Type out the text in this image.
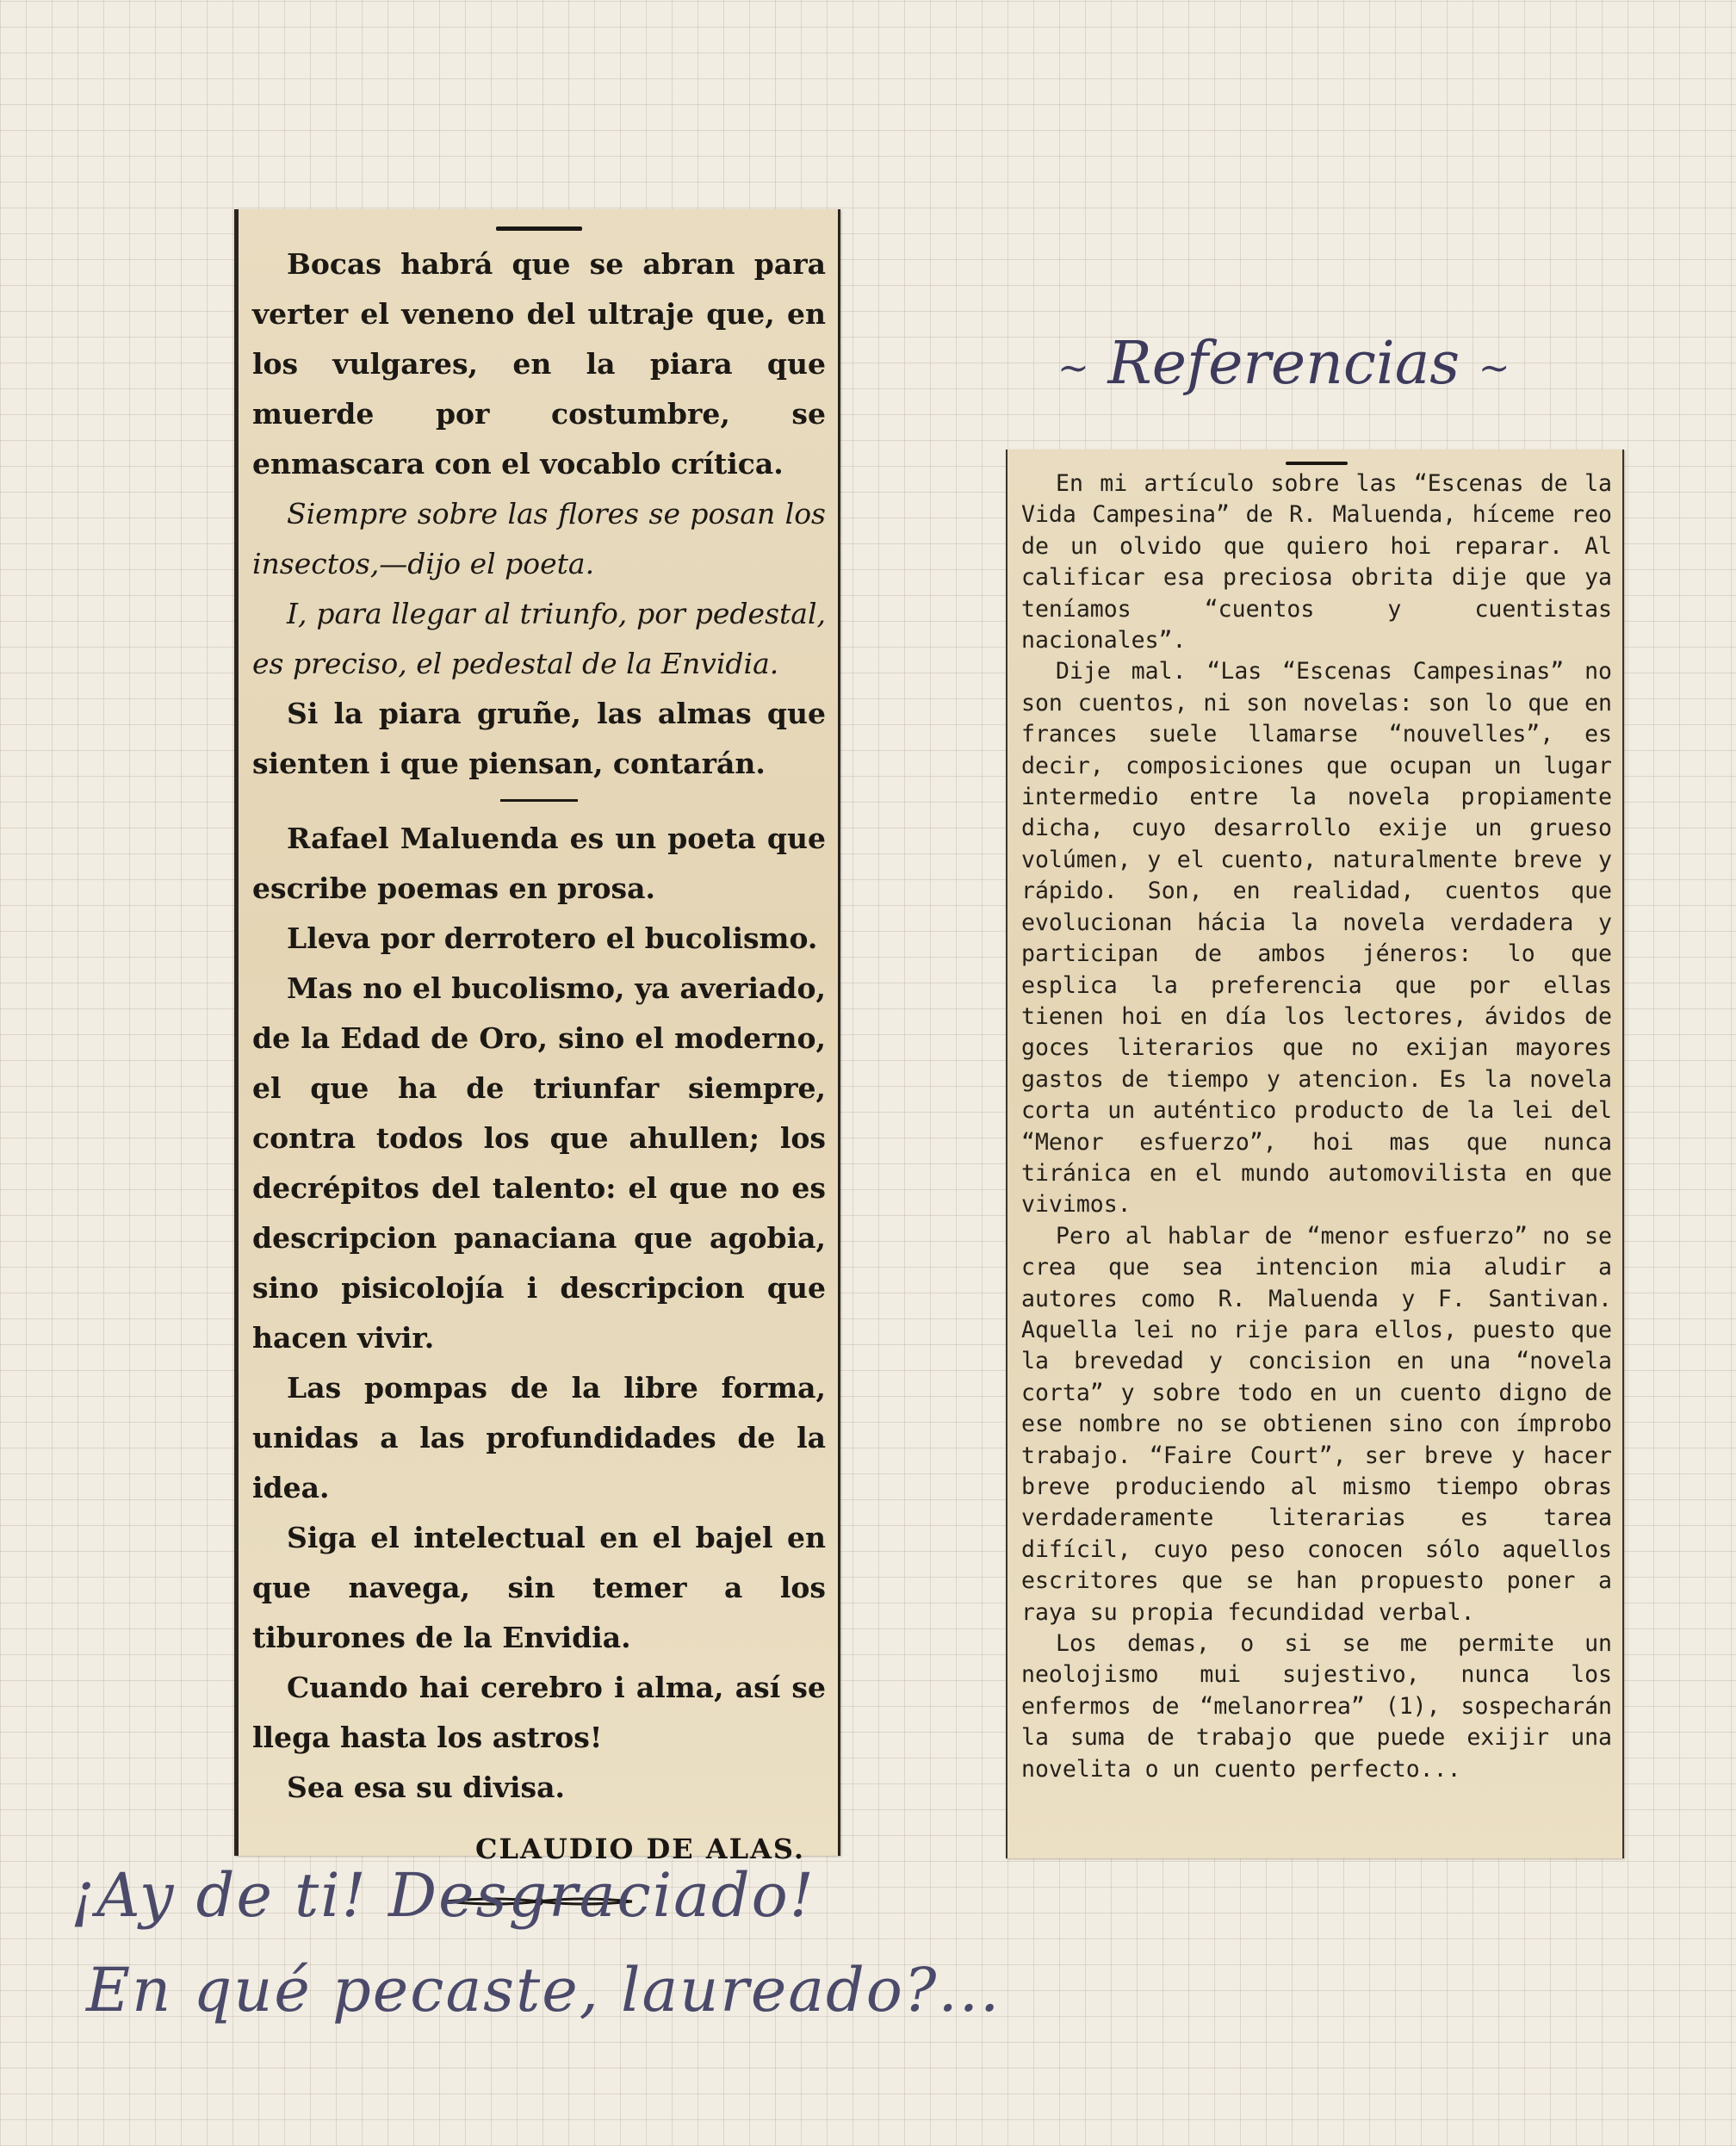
~ Referencias ~

Bocas habrá que se abran para verter el veneno del ultraje que, en los vulgares, en la piara que muerde por costumbre, se enmascara con el vocablo crítica.

Siempre sobre las flores se posan los insectos,—dijo el poeta.

I, para llegar al triunfo, por pedestal, es preciso, el pedestal de la Envidia.

Si la piara gruñe, las almas que sienten i que piensan, contarán.

Rafael Maluenda es un poeta que escribe poemas en prosa.

Lleva por derrotero el bucolismo.

Mas no el bucolismo, ya averiado, de la Edad de Oro, sino el moderno, el que ha de triunfar siempre, contra todos los que ahullen; los decrépitos del talento: el que no es descripcion panaciana que agobia, sino pisicolojía i descripcion que hacen vivir.

Las pompas de la libre forma, unidas a las profundidades de la idea.

Siga el intelectual en el bajel en que navega, sin temer a los tiburones de la Envidia.

Cuando hai cerebro i alma, así se llega hasta los astros!

Sea esa su divisa.

CLAUDIO DE ALAS.

En mi artículo sobre las “Escenas de la Vida Campesina” de R. Maluenda, híceme reo de un olvido que quiero hoi reparar. Al calificar esa preciosa obrita dije que ya teníamos “cuentos y cuentistas nacionales”.

Dije mal. “Las “Escenas Campesinas” no son cuentos, ni son novelas: son lo que en frances suele llamarse “nouvelles”, es decir, composiciones que ocupan un lugar intermedio entre la novela propiamente dicha, cuyo desarrollo exije un grueso volúmen, y el cuento, naturalmente breve y rápido. Son, en realidad, cuentos que evolucionan hácia la novela verdadera y participan de ambos jéneros: lo que esplica la preferencia que por ellas tienen hoi en día los lectores, ávidos de goces literarios que no exijan mayores gastos de tiempo y atencion. Es la novela corta un auténtico producto de la lei del “Menor esfuerzo”, hoi mas que nunca tiránica en el mundo automovilista en que vivimos.

Pero al hablar de “menor esfuerzo” no se crea que sea intencion mia aludir a autores como R. Maluenda y F. Santivan. Aquella lei no rije para ellos, puesto que la brevedad y concision en una “novela corta” y sobre todo en un cuento digno de ese nombre no se obtienen sino con ímprobo trabajo. “Faire Court”, ser breve y hacer breve produciendo al mismo tiempo obras verdaderamente literarias es tarea difícil, cuyo peso conocen sólo aquellos escritores que se han propuesto poner a raya su propia fecundidad verbal.

Los demas, o si se me permite un neolojismo mui sujestivo, nunca los enfermos de “melanorrea” (1), sospecharán la suma de trabajo que puede exijir una novelita o un cuento perfecto...

¡Ay de ti! Desgraciado!
En qué pecaste, laureado?...
